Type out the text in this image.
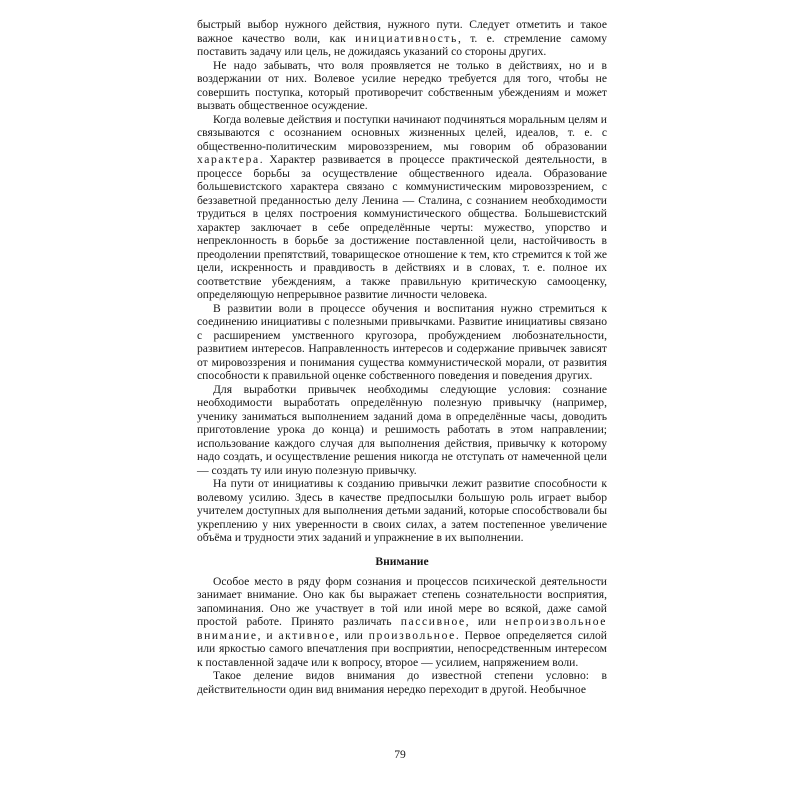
быстрый выбор нужного действия, нужного пути. Следует отметить и такое важное качество воли, как инициативность, т. е. стремление самому поставить задачу или цель, не дожидаясь указаний со стороны других.

Не надо забывать, что воля проявляется не только в действиях, но и в воздержании от них. Волевое усилие нередко требуется для того, чтобы не совершить поступка, который противоречит собственным убеждениям и может вызвать общественное осуждение.

Когда волевые действия и поступки начинают подчиняться моральным целям и связываются с осознанием основных жизненных целей, идеалов, т. е. с общественно-политическим мировоззрением, мы говорим об образовании характера. Характер развивается в процессе практической деятельности, в процессе борьбы за осуществление общественного идеала. Образование большевистского характера связано с коммунистическим мировоззрением, с беззаветной преданностью делу Ленина — Сталина, с сознанием необходимости трудиться в целях построения коммунистического общества. Большевистский характер заключает в себе определённые черты: мужество, упорство и непреклонность в борьбе за достижение поставленной цели, настойчивость в преодолении препятствий, товарищеское отношение к тем, кто стремится к той же цели, искренность и правдивость в действиях и в словах, т. е. полное их соответствие убеждениям, а также правильную критическую самооценку, определяющую непрерывное развитие личности человека.

В развитии воли в процессе обучения и воспитания нужно стремиться к соединению инициативы с полезными привычками. Развитие инициативы связано с расширением умственного кругозора, пробуждением любознательности, развитием интересов. Направленность интересов и содержание привычек зависят от мировоззрения и понимания существа коммунистической морали, от развития способности к правильной оценке собственного поведения и поведения других.

Для выработки привычек необходимы следующие условия: сознание необходимости выработать определённую полезную привычку (например, ученику заниматься выполнением заданий дома в определённые часы, доводить приготовление урока до конца) и решимость работать в этом направлении; использование каждого случая для выполнения действия, привычку к которому надо создать, и осуществление решения никогда не отступать от намеченной цели — создать ту или иную полезную привычку.

На пути от инициативы к созданию привычки лежит развитие способности к волевому усилию. Здесь в качестве предпосылки большую роль играет выбор учителем доступных для выполнения детьми заданий, которые способствовали бы укреплению у них уверенности в своих силах, а затем постепенное увеличение объёма и трудности этих заданий и упражнение в их выполнении.

Внимание

Особое место в ряду форм сознания и процессов психической деятельности занимает внимание. Оно как бы выражает степень сознательности восприятия, запоминания. Оно же участвует в той или иной мере во всякой, даже самой простой работе. Принято различать пассивное, или непроизвольное внимание, и активное, или произвольное. Первое определяется силой или яркостью самого впечатления при восприятии, непосредственным интересом к поставленной задаче или к вопросу, второе — усилием, напряжением воли.

Такое деление видов внимания до известной степени условно: в действительности один вид внимания нередко переходит в другой. Необычное

79
